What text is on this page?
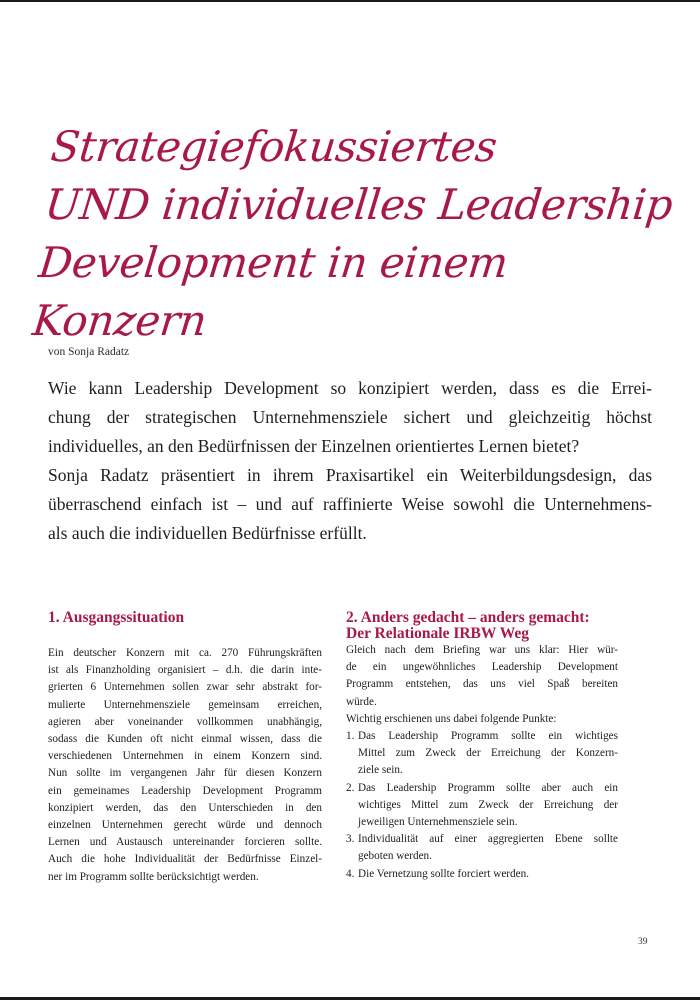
Strategiefokussiertes
UND individuelles Leadership
Development in einem Konzern
von Sonja Radatz

Wie kann Leadership Development so konzipiert werden, dass es die Errei-
chung der strategischen Unternehmensziele sichert und gleichzeitig höchst
individuelles, an den Bedürfnissen der Einzelnen orientiertes Lernen bietet?
Sonja Radatz präsentiert in ihrem Praxisartikel ein Weiterbildungsdesign, das
überraschend einfach ist – und auf raffinierte Weise sowohl die Unternehmens-
als auch die individuellen Bedürfnisse erfüllt.

1. Ausgangssituation

Ein deutscher Konzern mit ca. 270 Führungskräften
ist als Finanzholding organisiert – d.h. die darin inte-
grierten 6 Unternehmen sollen zwar sehr abstrakt for-
mulierte Unternehmensziele gemeinsam erreichen,
agieren aber voneinander vollkommen unabhängig,
sodass die Kunden oft nicht einmal wissen, dass die
verschiedenen Unternehmen in einem Konzern sind.
Nun sollte im vergangenen Jahr für diesen Konzern
ein gemeinames Leadership Development Programm
konzipiert werden, das den Unterschieden in den
einzelnen Unternehmen gerecht würde und dennoch
Lernen und Austausch untereinander forcieren sollte.
Auch die hohe Individualität der Bedürfnisse Einzel-
ner im Programm sollte berücksichtigt werden.

2. Anders gedacht – anders gemacht:
Der Relationale IRBW Weg

Gleich nach dem Briefing war uns klar: Hier wür-
de ein ungewöhnliches Leadership Development
Programm entstehen, das uns viel Spaß bereiten
würde.
Wichtig erschienen uns dabei folgende Punkte:

1. Das Leadership Programm sollte ein wichtiges
Mittel zum Zweck der Erreichung der Konzern-
ziele sein.
2. Das Leadership Programm sollte aber auch ein
wichtiges Mittel zum Zweck der Erreichung der
jeweiligen Unternehmensziele sein.
3. Individualität auf einer aggregierten Ebene sollte
geboten werden.
4. Die Vernetzung sollte forciert werden.
39
